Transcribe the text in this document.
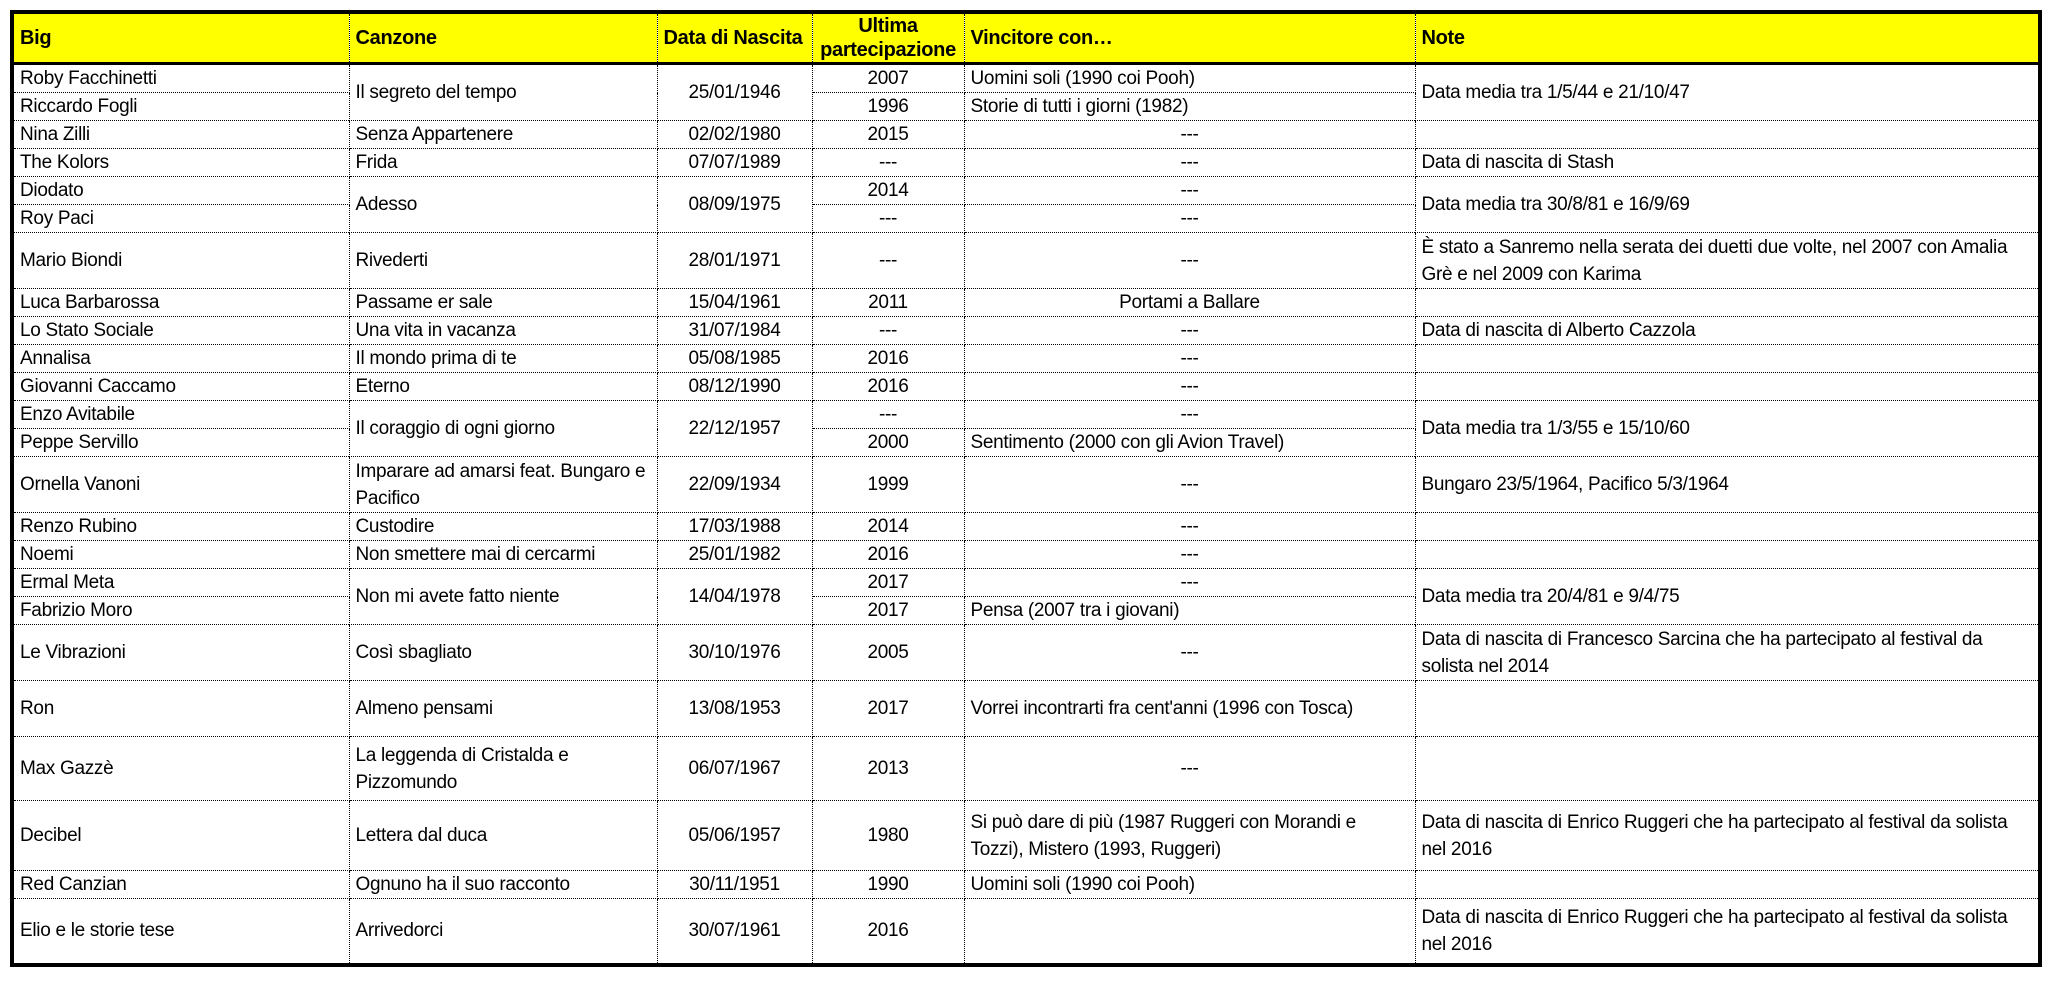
Big	Canzone	Data di Nascita	Ultima partecipazione	Vincitore con…	Note
Roby Facchinetti	Il segreto del tempo	25/01/1946	2007	Uomini soli (1990 coi Pooh)	Data media tra 1/5/44 e 21/10/47
Riccardo Fogli			1996	Storie di tutti i giorni (1982)	
Nina Zilli	Senza Appartenere	02/02/1980	2015	---	
The Kolors	Frida	07/07/1989	---	---	Data di nascita di Stash
Diodato	Adesso	08/09/1975	2014	---	Data media tra 30/8/81 e 16/9/69
Roy Paci			---	---	
Mario Biondi	Rivederti	28/01/1971	---	---	È stato a Sanremo nella serata dei duetti due volte, nel 2007 con Amalia Grè e nel 2009 con Karima
Luca Barbarossa	Passame er sale	15/04/1961	2011	Portami a Ballare	
Lo Stato Sociale	Una vita in vacanza	31/07/1984	---	---	Data di nascita di Alberto Cazzola
Annalisa	Il mondo prima di te	05/08/1985	2016	---	
Giovanni Caccamo	Eterno	08/12/1990	2016	---	
Enzo Avitabile	Il coraggio di ogni giorno	22/12/1957	---	---	Data media tra 1/3/55 e 15/10/60
Peppe Servillo			2000	Sentimento (2000 con gli Avion Travel)	
Ornella Vanoni	Imparare ad amarsi feat. Bungaro e Pacifico	22/09/1934	1999	---	Bungaro 23/5/1964, Pacifico 5/3/1964
Renzo Rubino	Custodire	17/03/1988	2014	---	
Noemi	Non smettere mai di cercarmi	25/01/1982	2016	---	
Ermal Meta	Non mi avete fatto niente	14/04/1978	2017	---	Data media tra 20/4/81 e 9/4/75
Fabrizio Moro			2017	Pensa (2007 tra i giovani)	
Le Vibrazioni	Così sbagliato	30/10/1976	2005	---	Data di nascita di Francesco Sarcina che ha partecipato al festival da solista nel 2014
Ron	Almeno pensami	13/08/1953	2017	Vorrei incontrarti fra cent'anni (1996 con Tosca)	
Max Gazzè	La leggenda di Cristalda e Pizzomundo	06/07/1967	2013	---	
Decibel	Lettera dal duca	05/06/1957	1980	Si può dare di più (1987 Ruggeri con Morandi e Tozzi), Mistero (1993, Ruggeri)	Data di nascita di Enrico Ruggeri che ha partecipato al festival da solista nel 2016
Red Canzian	Ognuno ha il suo racconto	30/11/1951	1990	Uomini soli (1990 coi Pooh)	
Elio e le storie tese	Arrivedorci	30/07/1961	2016		Data di nascita di Enrico Ruggeri che ha partecipato al festival da solista nel 2016
